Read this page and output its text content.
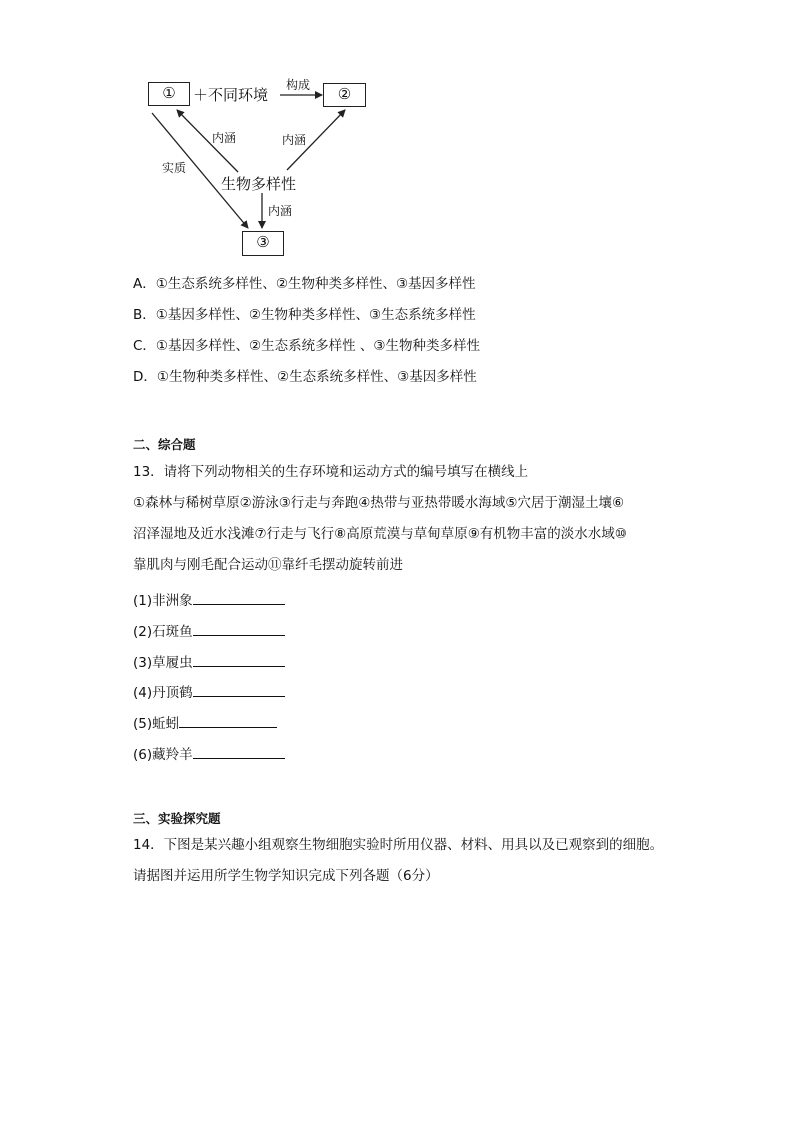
①	＋不同环境
构成	②
内涵	内涵
实质
生物多样性
内涵
③
A．①生态系统多样性、②生物种类多样性、③基因多样性
B．①基因多样性、②生物种类多样性、③生态系统多样性
C．①基因多样性、②生态系统多样性 、③生物种类多样性
D．①生物种类多样性、②生态系统多样性、③基因多样性
二、综合题
13．请将下列动物相关的生存环境和运动方式的编号填写在横线上
①森林与稀树草原②游泳③行走与奔跑④热带与亚热带暖水海域⑤穴居于潮湿土壤⑥
沼泽湿地及近水浅滩⑦行走与飞行⑧高原荒漠与草甸草原⑨有机物丰富的淡水水域⑩
靠肌肉与刚毛配合运动⑪靠纤毛摆动旋转前进
(1)非洲象
(2)石斑鱼
(3)草履虫
(4)丹顶鹤
(5)蚯蚓
(6)藏羚羊
三、实验探究题
14．下图是某兴趣小组观察生物细胞实验时所用仪器、材料、用具以及已观察到的细胞。
请据图并运用所学生物学知识完成下列各题（6分）
